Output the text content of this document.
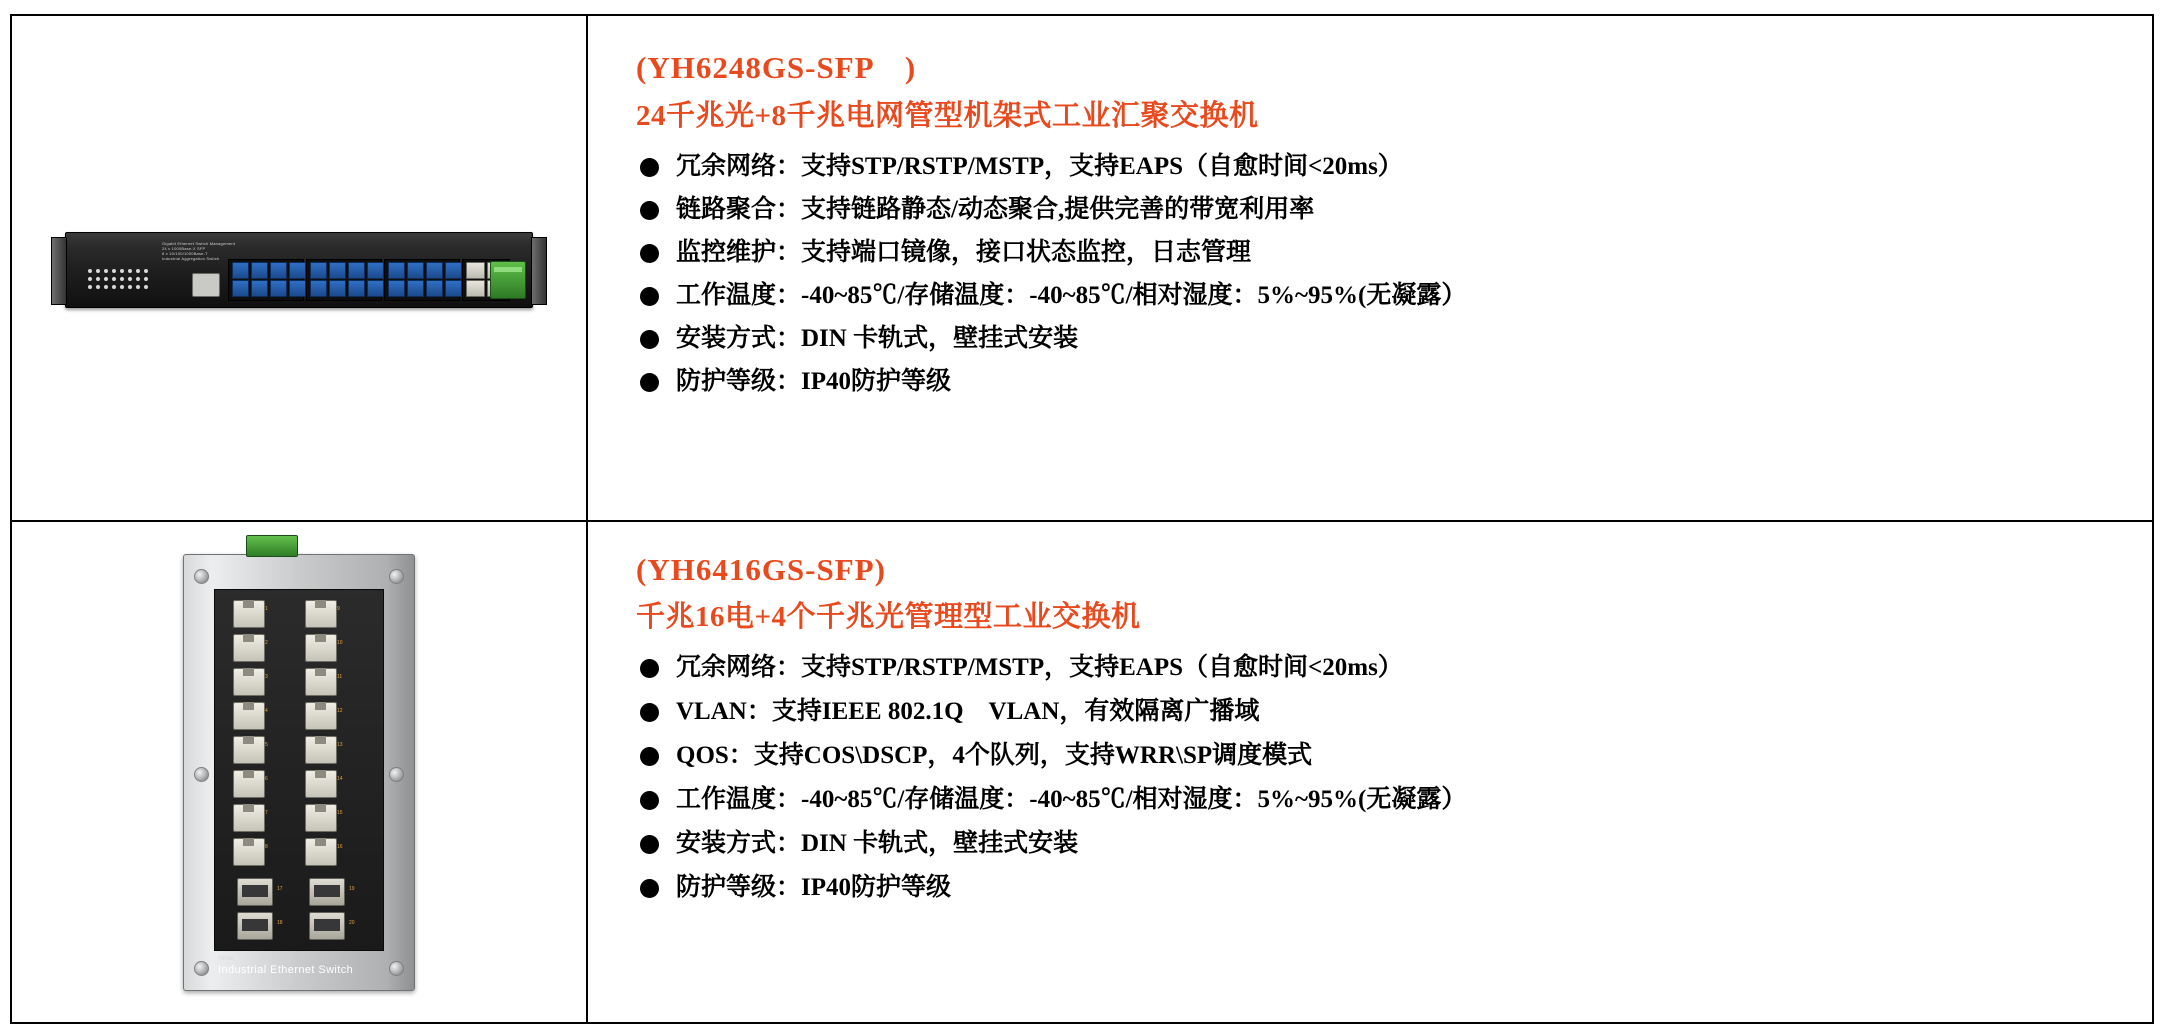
Gigabit Ethernet Switch Management
24 x 1000Base-X SFP
8 x 10/100/1000Base-T
Industrial Aggregation Switch

(YH6248GS-SFP　)
24千兆光+8千兆电网管型机架式工业汇聚交换机
冗余网络：支持STP/RSTP/MSTP，支持EAPS（自愈时间<20ms）
链路聚合：支持链路静态/动态聚合,提供完善的带宽利用率
监控维护：支持端口镜像，接口状态监控，日志管理
工作温度：-40~85℃/存储温度：-40~85℃/相对湿度：5%~95%(无凝露）
安装方式：DIN 卡轨式，壁挂式安装
防护等级：IP40防护等级

1	9
2	10
3	11
4	12
5	13
6	14
7	15
8	16
17	19
18	20
Yinhe
Industrial Ethernet Switch

(YH6416GS-SFP)
千兆16电+4个千兆光管理型工业交换机
冗余网络：支持STP/RSTP/MSTP，支持EAPS（自愈时间<20ms）
VLAN：支持IEEE 802.1Q　VLAN，有效隔离广播域
QOS：支持COS\DSCP，4个队列，支持WRR\SP调度模式
工作温度：-40~85℃/存储温度：-40~85℃/相对湿度：5%~95%(无凝露）
安装方式：DIN 卡轨式，壁挂式安装
防护等级：IP40防护等级
